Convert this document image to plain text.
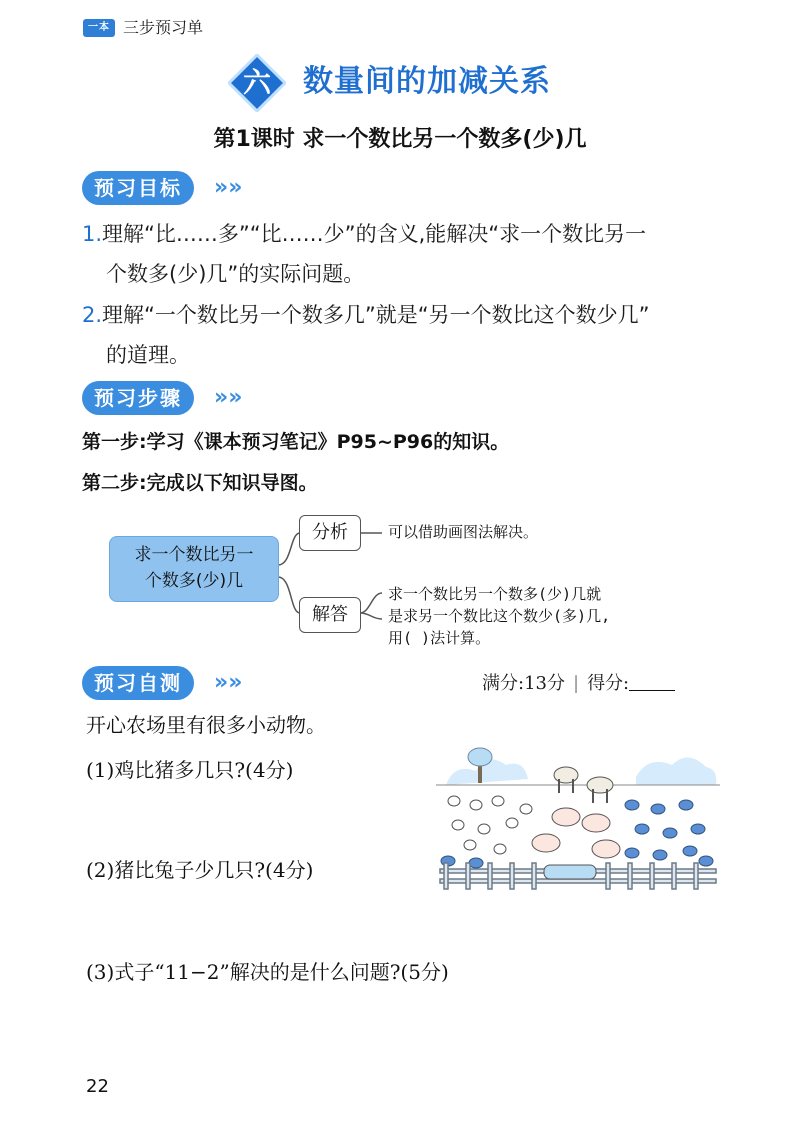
一本 三步预习单
六	数量间的加减关系
第1课时 求一个数比另一个数多(少)几
预习目标	»»
1.理解“比……多”“比……少”的含义,能解决“求一个数比另一
个数多(少)几”的实际问题。
2.理解“一个数比另一个数多几”就是“另一个数比这个数少几”
的道理。
预习步骤	»»
第一步:学习《课本预习笔记》P95~P96的知识。
第二步:完成以下知识导图。
求一个数比另一
个数多(少)几
分析	可以借助画图法解决。
解答
求一个数比另一个数多(少)几就
是求另一个数比这个数少(多)几,
用( )法计算。
预习自测	»»	满分:13分 | 得分:
开心农场里有很多小动物。
(1)鸡比猪多几只?(4分)
(2)猪比兔子少几只?(4分)
(3)式子“11−2”解决的是什么问题?(5分)
22
